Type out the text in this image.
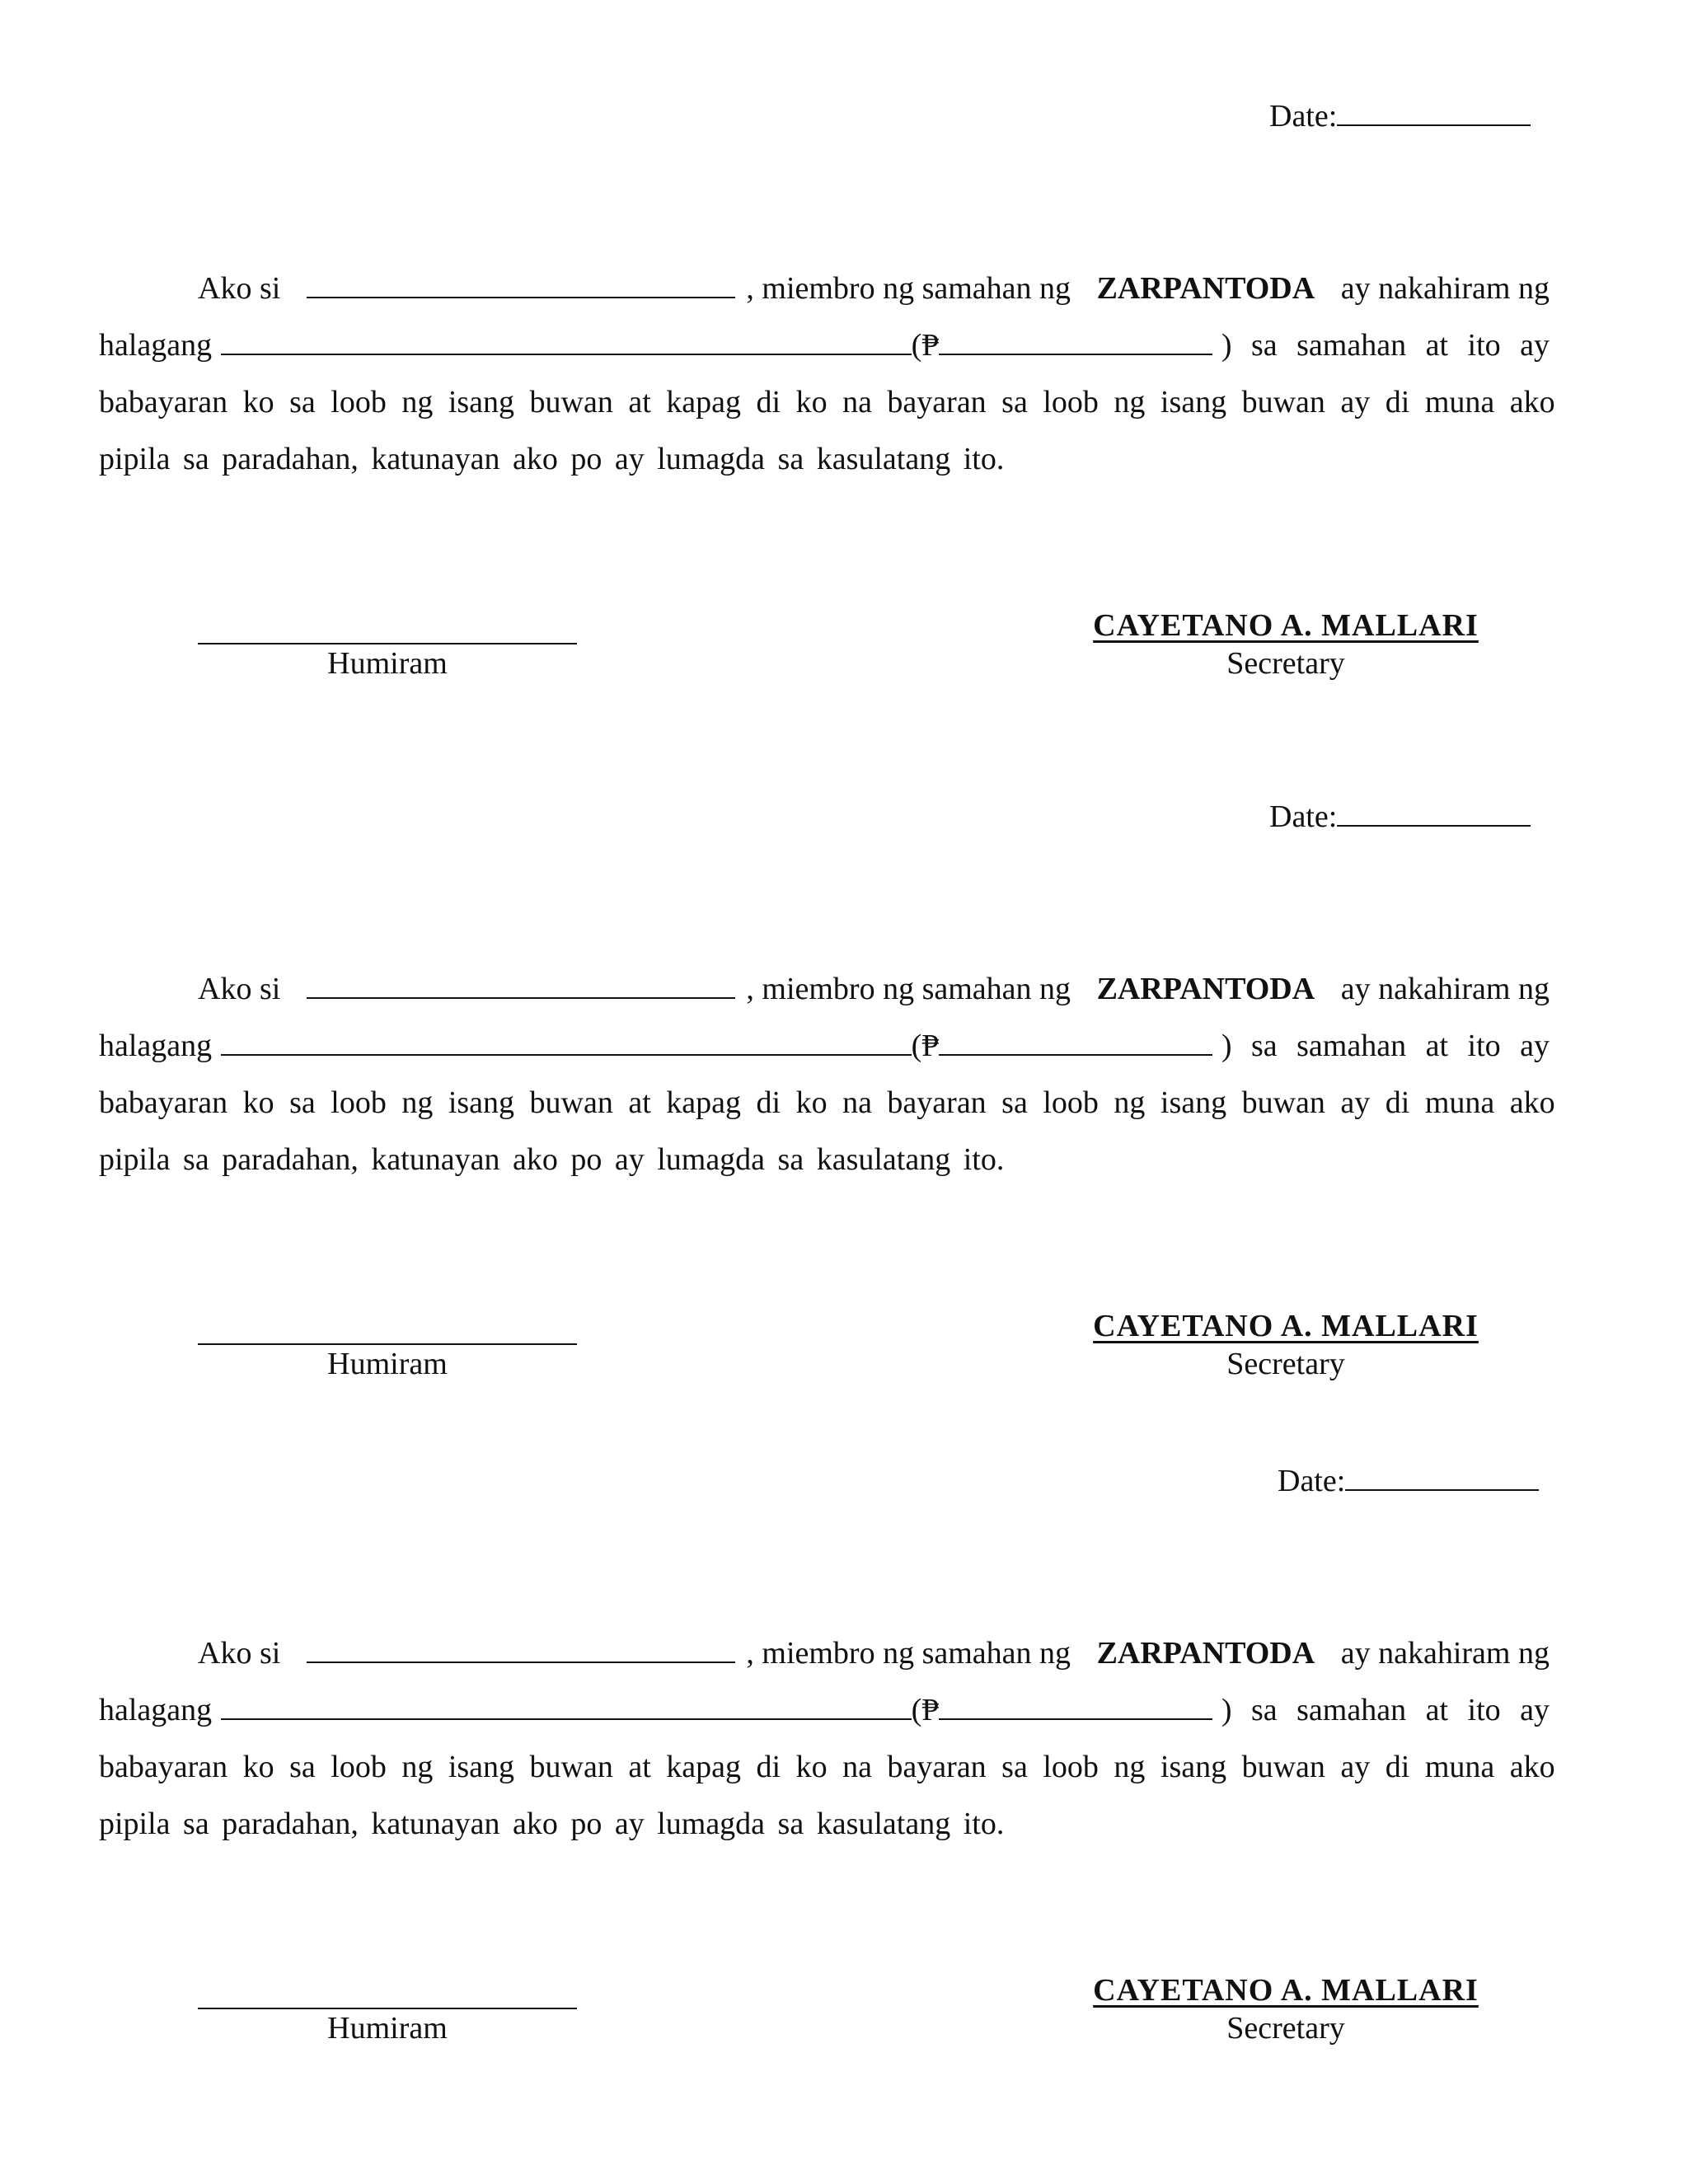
Date:
Ako si	, miembro ng samahan ng ZARPANTODA ay nakahiram ng
halagang	(₱	) sa samahan at ito ay
babayaran ko sa loob ng isang buwan at kapag di ko na bayaran sa loob ng isang buwan ay di muna ako
pipila sa paradahan, katunayan ako po ay lumagda sa kasulatang ito.
Humiram
CAYETANO A. MALLARI
Secretary
Date:
Ako si	, miembro ng samahan ng ZARPANTODA ay nakahiram ng
halagang	(₱	) sa samahan at ito ay
babayaran ko sa loob ng isang buwan at kapag di ko na bayaran sa loob ng isang buwan ay di muna ako
pipila sa paradahan, katunayan ako po ay lumagda sa kasulatang ito.
Humiram
CAYETANO A. MALLARI
Secretary
Date:
Ako si	, miembro ng samahan ng ZARPANTODA ay nakahiram ng
halagang	(₱	) sa samahan at ito ay
babayaran ko sa loob ng isang buwan at kapag di ko na bayaran sa loob ng isang buwan ay di muna ako
pipila sa paradahan, katunayan ako po ay lumagda sa kasulatang ito.
Humiram
CAYETANO A. MALLARI
Secretary
